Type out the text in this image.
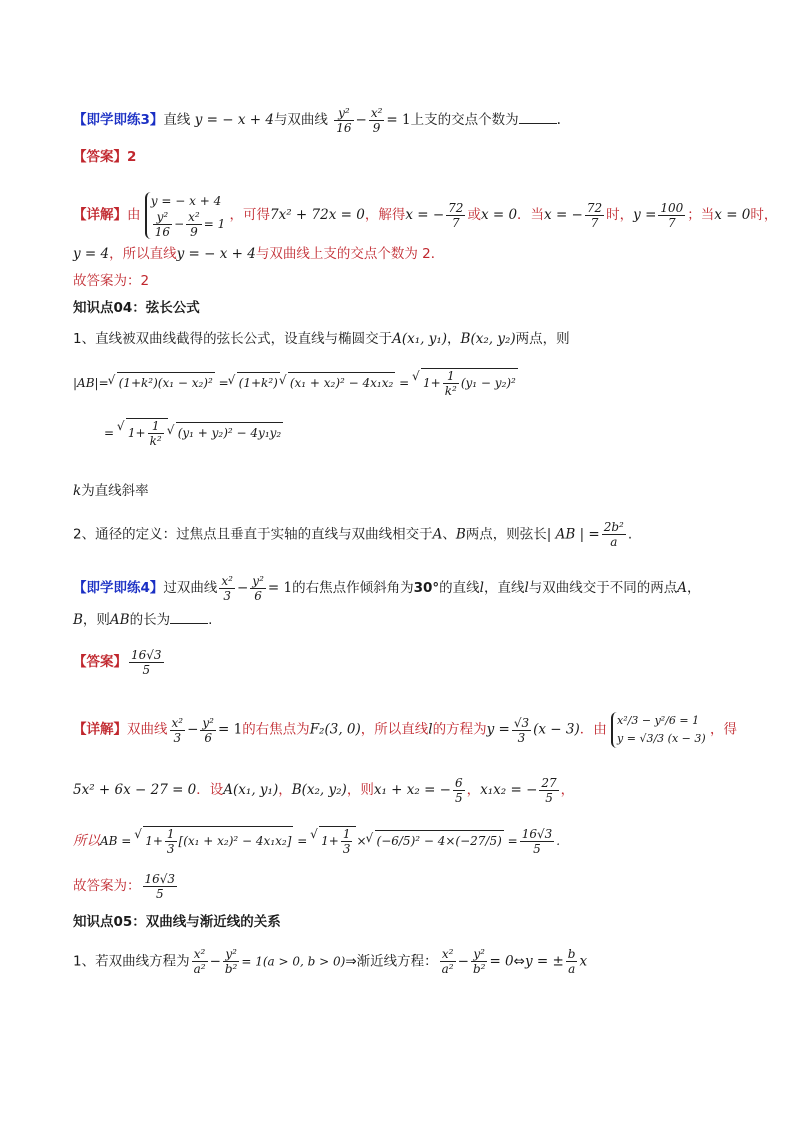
【即学即练3】直线 y = − x + 4与双曲线 $\frac{\text{y²}}{16} - \frac{\text{x²}}{9} = 1$上支的交点个数为	.
【答案】2
【详解】由
y = − x + 4
$\frac{\text{y²}}{16} - \frac{\text{x²}}{9} = 1$
，可得7x² + 72x = 0，解得x = − $\frac{72}{7}$ 或x = 0．当x = − $\frac{72}{7}$ 时，$y = \frac{100}{7}$ ；当x = 0时，
y = 4，所以直线y = − x + 4与双曲线上支的交点个数为 2．
故答案为：2
知识点04：弦长公式
1、直线被双曲线截得的弦长公式，设直线与椭圆交于A(x₁, y₁)，B(x₂, y₂)两点，则
|AB|= √ (1+k²)(x₁ − x₂)² = √ (1+k²) √ (x₁ + x₂)² − 4x₁x₂ = √ $1+ \frac{1}{\text{k²}} (y_1 - y_2)^2$
= √ $1+ \frac{1}{\text{k²}}$ √ (y₁ + y₂)² − 4y₁y₂
k为直线斜率
2、通径的定义：过焦点且垂直于实轴的直线与双曲线相交于A、B两点，则弦长| AB | = $\frac{\text{2b²}}{a}$ .
【即学即练4】过双曲线 $\frac{\text{x²}}{3} - \frac{\text{y²}}{6} = 1$的右焦点作倾斜角为30°的直线l，直线l与双曲线交于不同的两点A，
B，则AB的长为	.
【答案】 $\frac{16√3}{5}$
【详解】双曲线 $\frac{\text{x²}}{3} - \frac{\text{y²}}{6} = 1$的右焦点为F₂(3, 0)，所以直线l的方程为$y = \frac{√3}{3} (x - 3)$．由
x²/3 − y²/6 = 1
y = √3/3 (x − 3)
，得
5x² + 6x − 27 = 0．设A(x₁, y₁)，B(x₂, y₂)，则x₁ + x₂ = − $\frac{6}{5}$ ，x₁x₂ = − $\frac{27}{5}$ ，
所以AB = √ $1+ \frac{1}{3} [(x_1 + x_2)^2 - 4x_1x_2]$ = √ $1+ \frac{1}{3}$ × √ $(-6/5)^2 - 4\times(-27/5) = \frac{16√3}{5}$ .
故答案为： $\frac{16√3}{5}$
知识点05：双曲线与渐近线的关系
1、若双曲线方程为 $\frac{\text{x²}}{\text{a²}} - \frac{\text{y²}}{\text{b²}} = 1(a > 0$, b > 0)⇒渐近线方程： $\frac{\text{x²}}{\text{a²}} - \frac{\text{y²}}{\text{b²}}$ = 0⇔y = ± $\frac{b}{a}$ x
